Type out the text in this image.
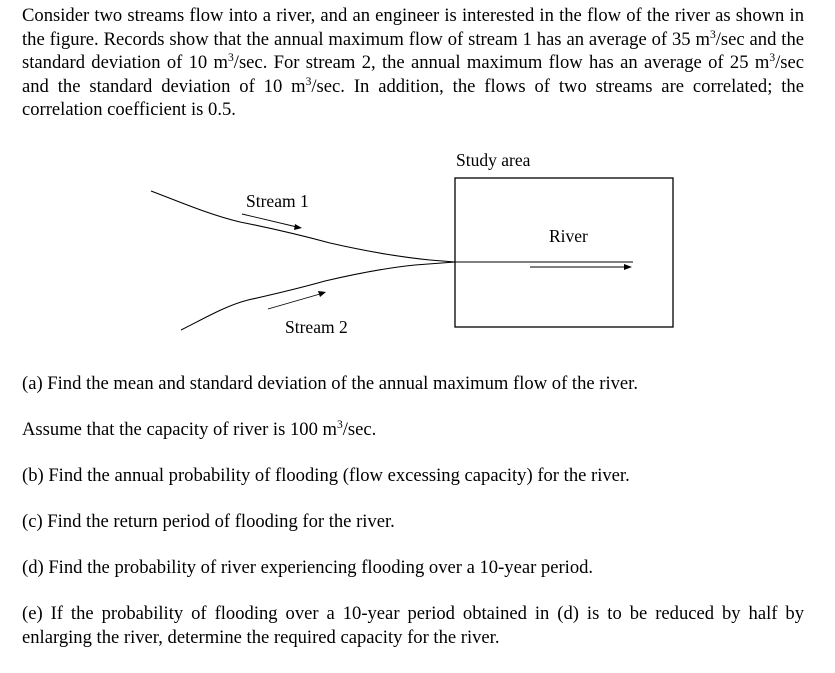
Consider two streams flow into a river, and an engineer is interested in the flow of the river as shown in the figure. Records show that the annual maximum flow of stream 1 has an average of 35 $m^3/\sec$ and the standard deviation of 10 $m^3/\sec$. For stream 2, the annual maximum flow has an average of 25 $m^3/\sec$ and the standard deviation of 10 $m^3/\sec$. In addition, the flows of two streams are correlated; the correlation coefficient is 0.5.

Study area
Stream 1
Stream 2
River

(a) Find the mean and standard deviation of the annual maximum flow of the river.

Assume that the capacity of river is 100 $m^3/\sec$.

(b) Find the annual probability of flooding (flow excessing capacity) for the river.

(c) Find the return period of flooding for the river.

(d) Find the probability of river experiencing flooding over a 10-year period.

(e) If the probability of flooding over a 10-year period obtained in (d) is to be reduced by half by enlarging the river, determine the required capacity for the river.
